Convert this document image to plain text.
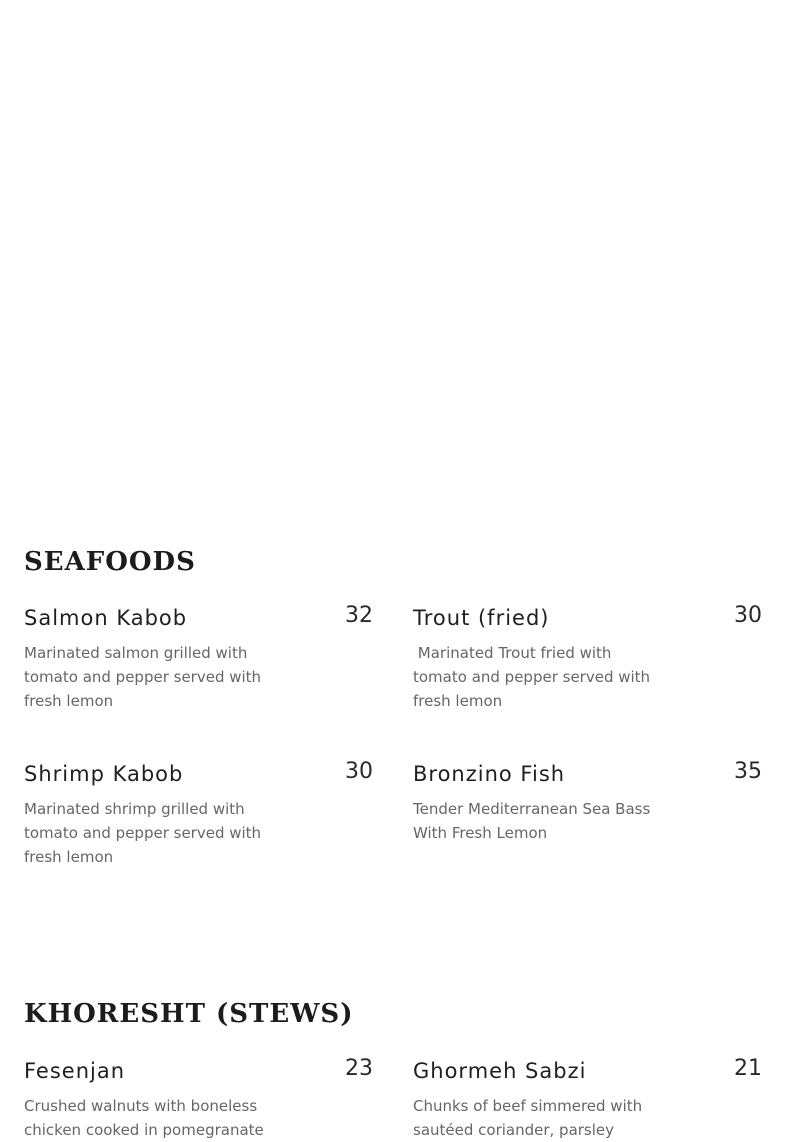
SEAFOODS
Salmon Kabob	32
Marinated salmon grilled with tomato and pepper served with fresh lemon
Trout (fried)	30
Marinated Trout fried with tomato and pepper served with fresh lemon
Shrimp Kabob	30
Marinated shrimp grilled with tomato and pepper served with fresh lemon
Bronzino Fish	35
Tender Mediterranean Sea Bass With Fresh Lemon
KHORESHT (STEWS)
Fesenjan	23
Crushed walnuts with boneless chicken cooked in pomegranate
Ghormeh Sabzi	21
Chunks of beef simmered with sautéed coriander, parsley
